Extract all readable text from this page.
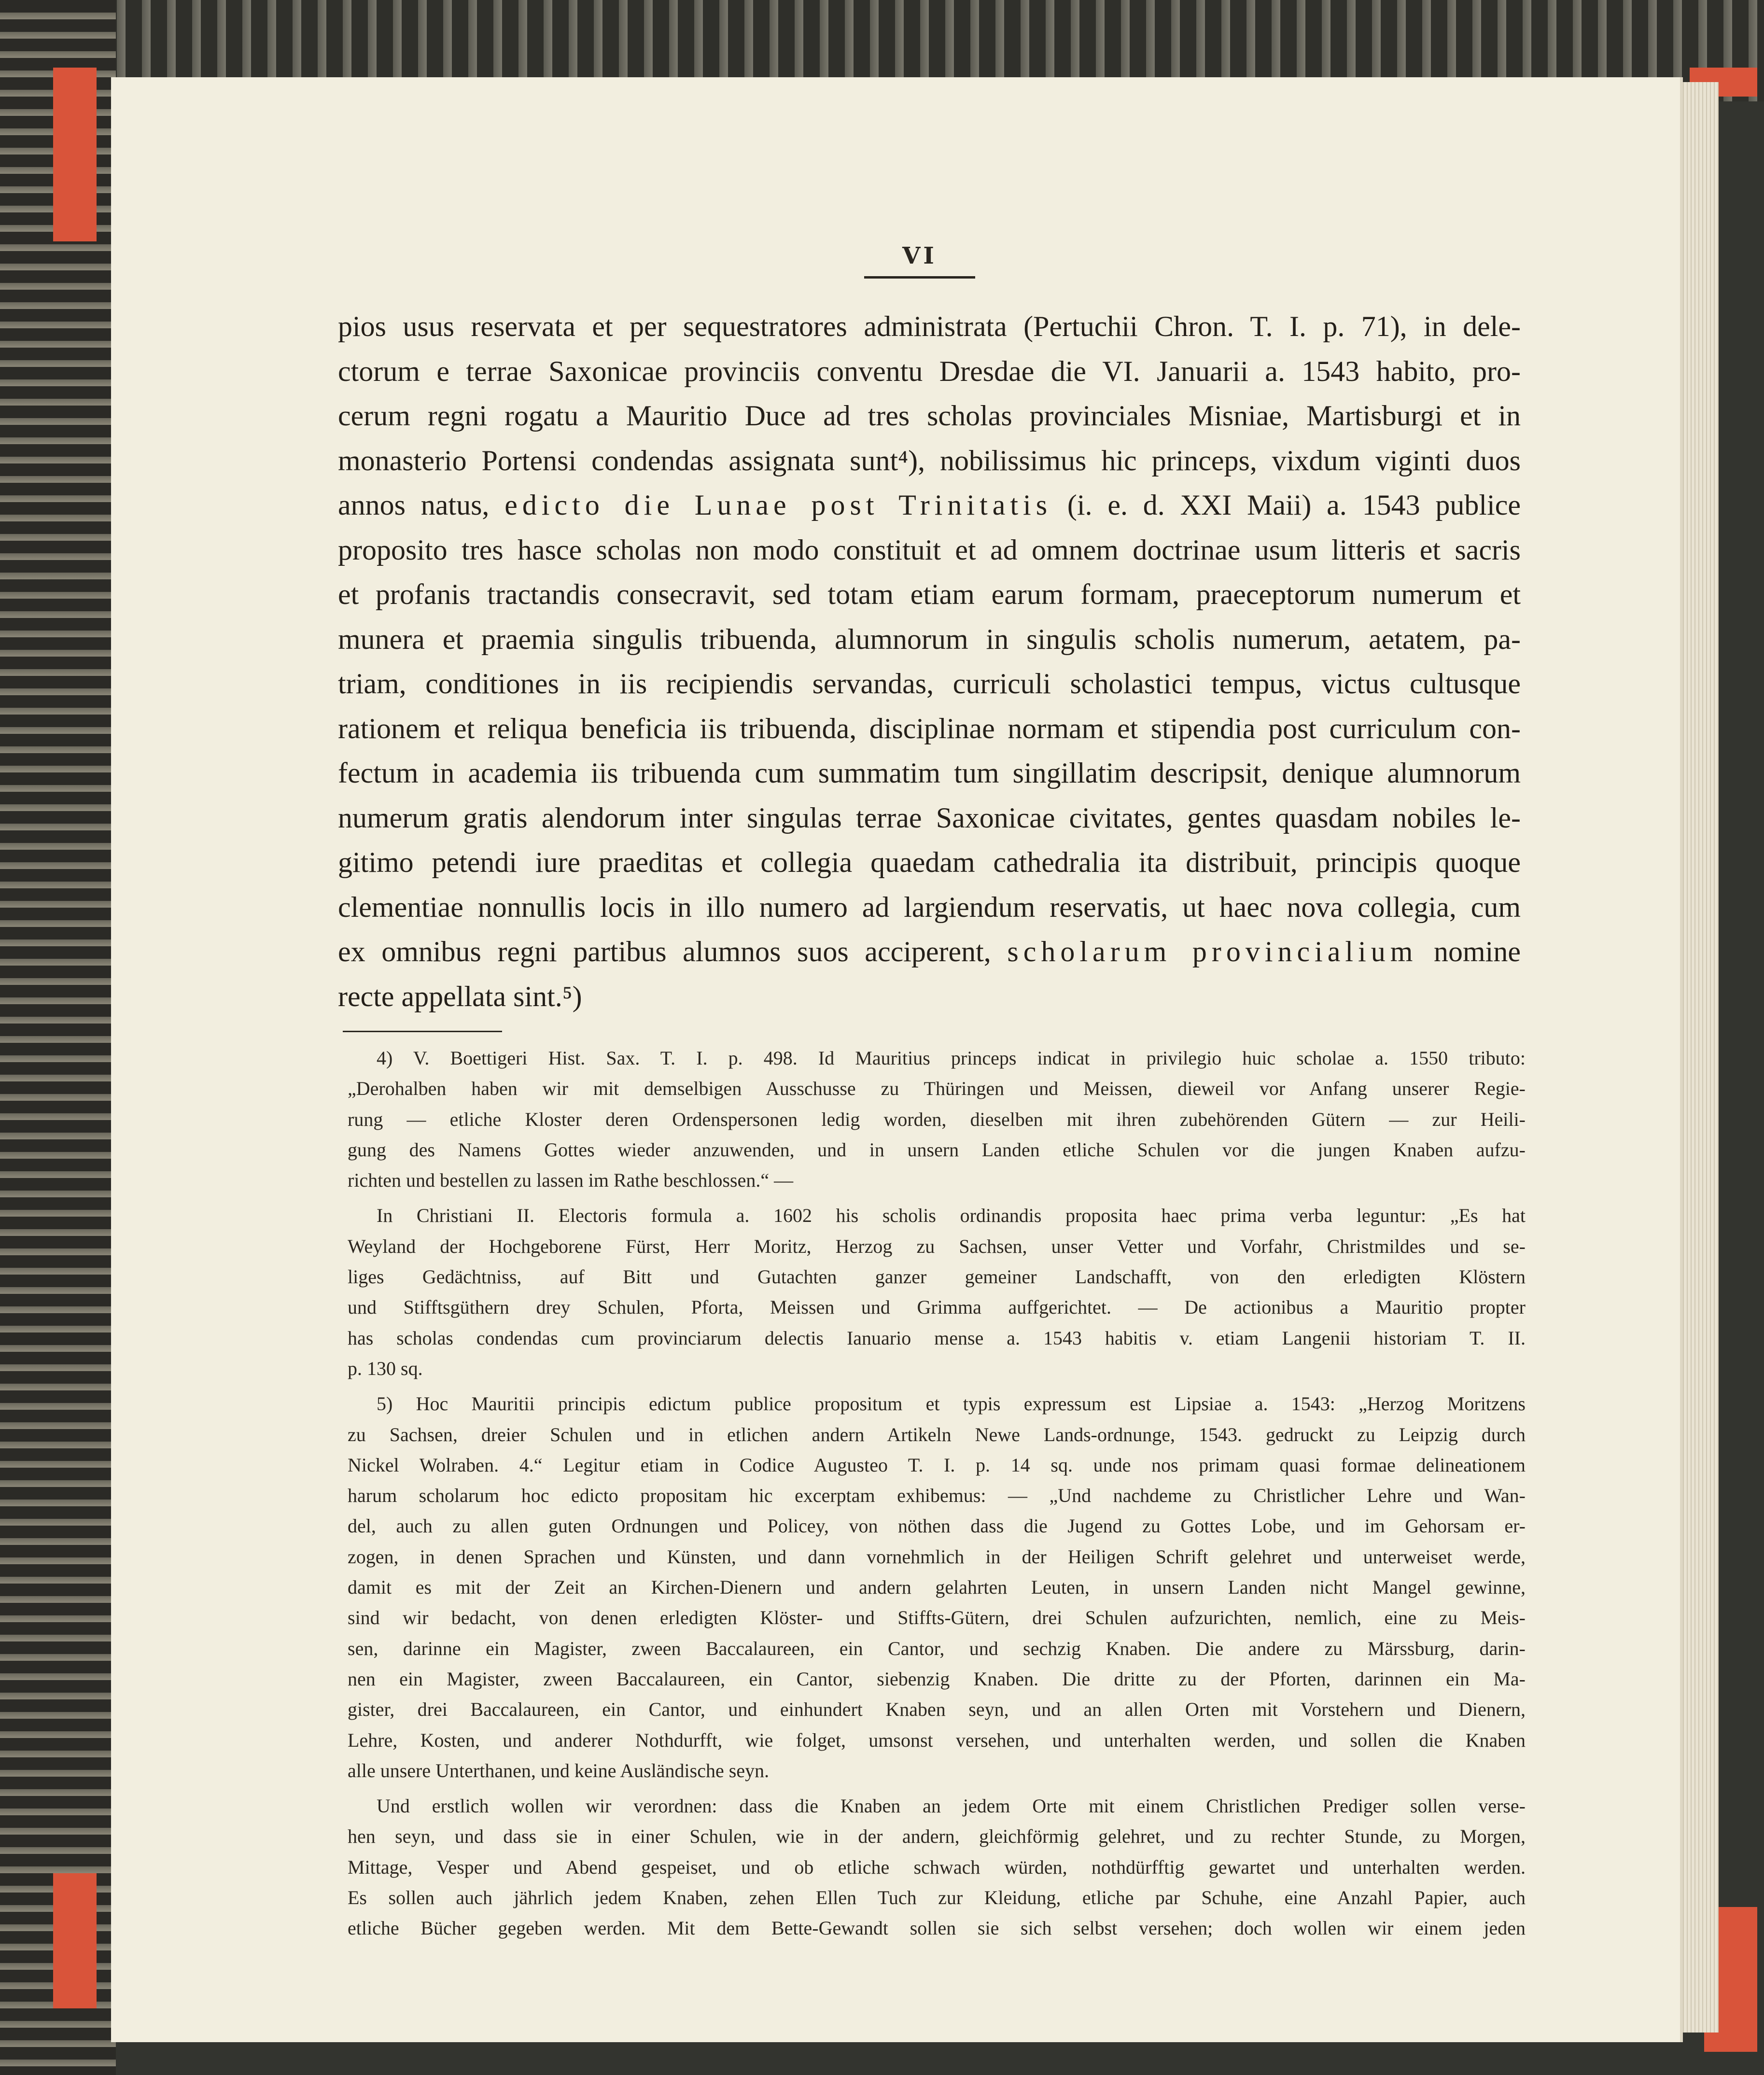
VI
pios usus reservata et per sequestratores administrata (Pertuchii Chron. T. I. p. 71), in dele-
ctorum e terrae Saxonicae provinciis conventu Dresdae die VI. Januarii a. 1543 habito, pro-
cerum regni rogatu a Mauritio Duce ad tres scholas provinciales Misniae, Martisburgi et in
monasterio Portensi condendas assignata sunt⁴), nobilissimus hic princeps, vixdum viginti duos
annos natus, edicto die Lunae post Trinitatis (i. e. d. XXI Maii) a. 1543 publice
proposito tres hasce scholas non modo constituit et ad omnem doctrinae usum litteris et sacris
et profanis tractandis consecravit, sed totam etiam earum formam, praeceptorum numerum et
munera et praemia singulis tribuenda, alumnorum in singulis scholis numerum, aetatem, pa-
triam, conditiones in iis recipiendis servandas, curriculi scholastici tempus, victus cultusque
rationem et reliqua beneficia iis tribuenda, disciplinae normam et stipendia post curriculum con-
fectum in academia iis tribuenda cum summatim tum singillatim descripsit, denique alumnorum
numerum gratis alendorum inter singulas terrae Saxonicae civitates, gentes quasdam nobiles le-
gitimo petendi iure praeditas et collegia quaedam cathedralia ita distribuit, principis quoque
clementiae nonnullis locis in illo numero ad largiendum reservatis, ut haec nova collegia, cum
ex omnibus regni partibus alumnos suos acciperent, scholarum provincialium nomine
recte appellata sint.⁵)
4) V. Boettigeri Hist. Sax. T. I. p. 498. Id Mauritius princeps indicat in privilegio huic scholae a. 1550 tributo:
„Derohalben haben wir mit demselbigen Ausschusse zu Thüringen und Meissen, dieweil vor Anfang unserer Regie-
rung — etliche Kloster deren Ordenspersonen ledig worden, dieselben mit ihren zubehörenden Gütern — zur Heili-
gung des Namens Gottes wieder anzuwenden, und in unsern Landen etliche Schulen vor die jungen Knaben aufzu-
richten und bestellen zu lassen im Rathe beschlossen.“ —
In Christiani II. Electoris formula a. 1602 his scholis ordinandis proposita haec prima verba leguntur: „Es hat
Weyland der Hochgeborene Fürst, Herr Moritz, Herzog zu Sachsen, unser Vetter und Vorfahr, Christmildes und se-
liges Gedächtniss, auf Bitt und Gutachten ganzer gemeiner Landschafft, von den erledigten Klöstern
und Stifftsgüthern drey Schulen, Pforta, Meissen und Grimma auffgerichtet. — De actionibus a Mauritio propter
has scholas condendas cum provinciarum delectis Ianuario mense a. 1543 habitis v. etiam Langenii historiam T. II.
p. 130 sq.
5) Hoc Mauritii principis edictum publice propositum et typis expressum est Lipsiae a. 1543: „Herzog Moritzens
zu Sachsen, dreier Schulen und in etlichen andern Artikeln Newe Lands-ordnunge, 1543. gedruckt zu Leipzig durch
Nickel Wolraben. 4.“ Legitur etiam in Codice Augusteo T. I. p. 14 sq. unde nos primam quasi formae delineationem
harum scholarum hoc edicto propositam hic excerptam exhibemus: — „Und nachdeme zu Christlicher Lehre und Wan-
del, auch zu allen guten Ordnungen und Policey, von nöthen dass die Jugend zu Gottes Lobe, und im Gehorsam er-
zogen, in denen Sprachen und Künsten, und dann vornehmlich in der Heiligen Schrift gelehret und unterweiset werde,
damit es mit der Zeit an Kirchen-Dienern und andern gelahrten Leuten, in unsern Landen nicht Mangel gewinne,
sind wir bedacht, von denen erledigten Klöster- und Stiffts-Gütern, drei Schulen aufzurichten, nemlich, eine zu Meis-
sen, darinne ein Magister, zween Baccalaureen, ein Cantor, und sechzig Knaben. Die andere zu Märssburg, darin-
nen ein Magister, zween Baccalaureen, ein Cantor, siebenzig Knaben. Die dritte zu der Pforten, darinnen ein Ma-
gister, drei Baccalaureen, ein Cantor, und einhundert Knaben seyn, und an allen Orten mit Vorstehern und Dienern,
Lehre, Kosten, und anderer Nothdurfft, wie folget, umsonst versehen, und unterhalten werden, und sollen die Knaben
alle unsere Unterthanen, und keine Ausländische seyn.
Und erstlich wollen wir verordnen: dass die Knaben an jedem Orte mit einem Christlichen Prediger sollen verse-
hen seyn, und dass sie in einer Schulen, wie in der andern, gleichförmig gelehret, und zu rechter Stunde, zu Morgen,
Mittage, Vesper und Abend gespeiset, und ob etliche schwach würden, nothdürfftig gewartet und unterhalten werden.
Es sollen auch jährlich jedem Knaben, zehen Ellen Tuch zur Kleidung, etliche par Schuhe, eine Anzahl Papier, auch
etliche Bücher gegeben werden. Mit dem Bette-Gewandt sollen sie sich selbst versehen; doch wollen wir einem jeden
